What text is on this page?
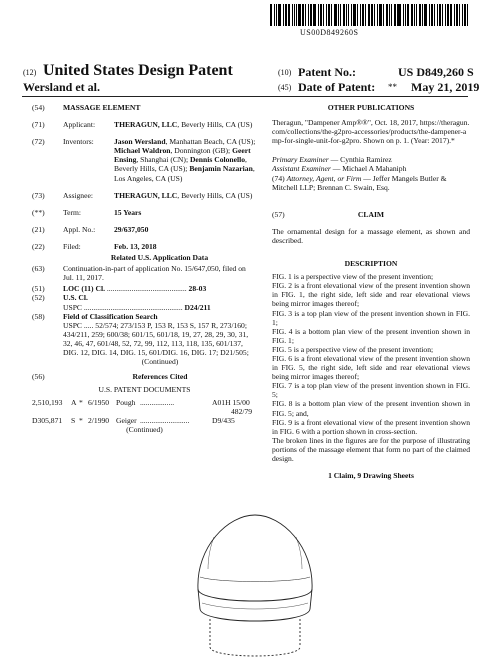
US00D849260S
(12) United States Design Patent
Wersland et al.
(10) Patent No.:	US D849,260 S
(45) Date of Patent: ** May 21, 2019
(54) MASSAGE ELEMENT

(71) Applicant: THERAGUN, LLC, Beverly Hills, CA (US)
(72) Inventors:	Jason Wersland, Manhattan Beach, CA (US); Michael Waldron, Donnington (GB); Geert Ensing, Shanghai (CN); Dennis Colonello, Beverly Hills, CA (US); Benjamin Nazarian, Los Angeles, CA (US)
(73) Assignee:	THERAGUN, LLC, Beverly Hills, CA (US)
(**) Term:	15 Years
(21) Appl. No.: 29/637,050
(22) Filed:	Feb. 13, 2018
Related U.S. Application Data
(63) Continuation-in-part of application No. 15/647,050, filed on Jul. 11, 2017.
(51) LOC (11) Cl. .......................................... 28-03
(52) U.S. Cl.
USPC .................................................... D24/211
(58) Field of Classification Search
USPC ..... 52/574; 273/153 P, 153 R, 153 S, 157 R, 273/160; 434/211, 259; 600/38; 601/15, 601/18, 19, 27, 28, 29, 30, 31, 32, 46, 47, 601/48, 52, 72, 99, 112, 113, 118, 135, 601/137, DIG. 12, DIG. 14, DIG. 15, 601/DIG. 16, DIG. 17; D21/505;
(Continued)
(56)	References Cited
U.S. PATENT DOCUMENTS
2,510,193 A * 6/1950 Pough ..................	A01H 15/00
482/79
D305,871 S * 2/1990 Geiger ..........................	D9/435
(Continued)
OTHER PUBLICATIONS
Theragun, "Dampener Amp®®", Oct. 18, 2017, https://theragun.com/collections/the-g2pro-accessories/products/the-dampener-amp-for-single-unit-for-g2pro. Shown on p. 1. (Year: 2017).*
Primary Examiner — Cynthia Ramirez
Assistant Examiner — Michael A Mahaniph
(74) Attorney, Agent, or Firm — Jeffer Mangels Butler & Mitchell LLP; Brennan C. Swain, Esq.
(57)	CLAIM
The ornamental design for a massage element, as shown and described.
DESCRIPTION
FIG. 1 is a perspective view of the present invention;
FIG. 2 is a front elevational view of the present invention shown in FIG. 1, the right side, left side and rear elevational views being mirror images thereof;
FIG. 3 is a top plan view of the present invention shown in FIG. 1;
FIG. 4 is a bottom plan view of the present invention shown in FIG. 1;
FIG. 5 is a perspective view of the present invention;
FIG. 6 is a front elevational view of the present invention shown in FIG. 5, the right side, left side and rear elevational views being mirror images thereof;
FIG. 7 is a top plan view of the present invention shown in FIG. 5;
FIG. 8 is a bottom plan view of the present invention shown in FIG. 5; and,
FIG. 9 is a front elevational view of the present invention shown in FIG. 6 with a portion shown in cross-section.
The broken lines in the figures are for the purpose of illustrating portions of the massage element that form no part of the claimed design.
1 Claim, 9 Drawing Sheets
